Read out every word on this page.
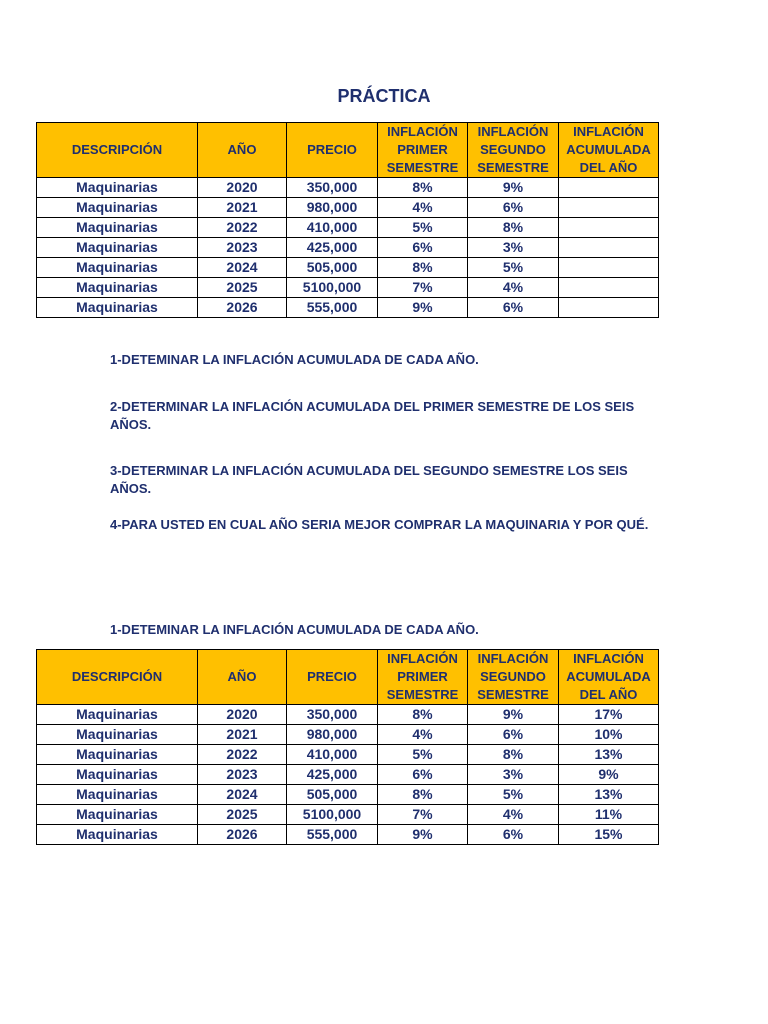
PRÁCTICA
DESCRIPCIÓN	AÑO	PRECIO	INFLACIÓN PRIMER SEMESTRE	INFLACIÓN SEGUNDO SEMESTRE	INFLACIÓN ACUMULADA DEL AÑO
Maquinarias	2020	350,000	8%	9%	
Maquinarias	2021	980,000	4%	6%	
Maquinarias	2022	410,000	5%	8%	
Maquinarias	2023	425,000	6%	3%	
Maquinarias	2024	505,000	8%	5%	
Maquinarias	2025	5100,000	7%	4%	
Maquinarias	2026	555,000	9%	6%	
1-DETEMINAR LA INFLACIÓN ACUMULADA DE CADA AÑO.
2-DETERMINAR LA INFLACIÓN ACUMULADA DEL PRIMER SEMESTRE DE LOS SEIS AÑOS.
3-DETERMINAR LA INFLACIÓN ACUMULADA DEL SEGUNDO SEMESTRE LOS SEIS AÑOS.
4-PARA USTED EN CUAL AÑO SERIA MEJOR COMPRAR LA MAQUINARIA Y POR QUÉ.
1-DETEMINAR LA INFLACIÓN ACUMULADA DE CADA AÑO.
DESCRIPCIÓN	AÑO	PRECIO	INFLACIÓN PRIMER SEMESTRE	INFLACIÓN SEGUNDO SEMESTRE	INFLACIÓN ACUMULADA DEL AÑO
Maquinarias	2020	350,000	8%	9%	17%
Maquinarias	2021	980,000	4%	6%	10%
Maquinarias	2022	410,000	5%	8%	13%
Maquinarias	2023	425,000	6%	3%	9%
Maquinarias	2024	505,000	8%	5%	13%
Maquinarias	2025	5100,000	7%	4%	11%
Maquinarias	2026	555,000	9%	6%	15%
